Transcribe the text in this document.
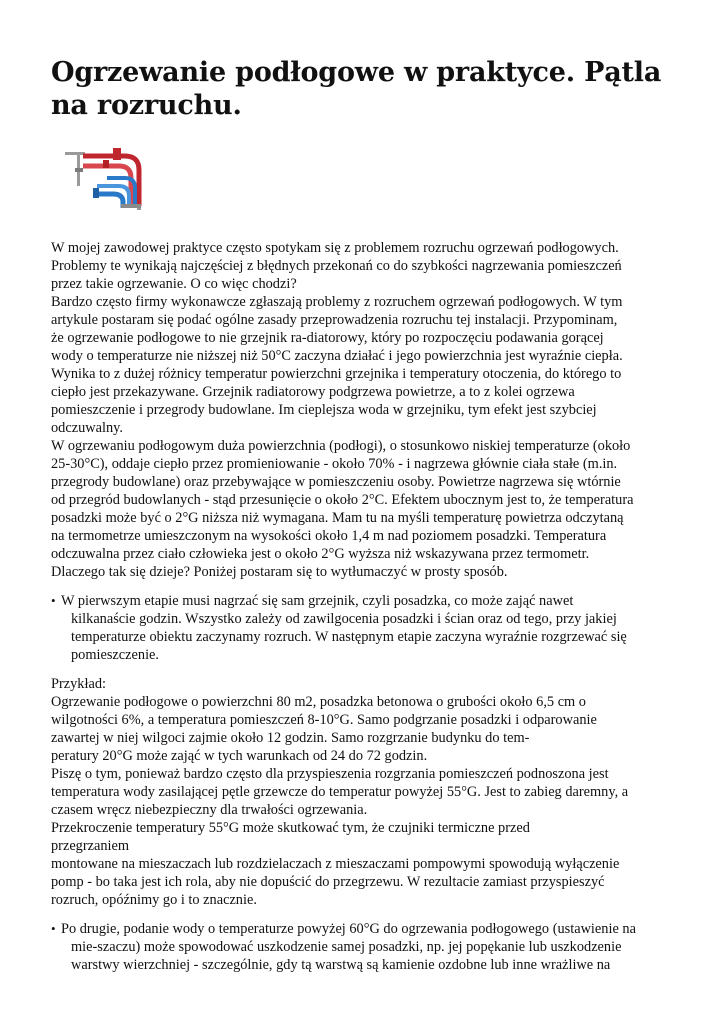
Ogrzewanie podłogowe w praktyce. Pątla na rozruchu.
W mojej zawodowej praktyce często spotykam się z problemem rozruchu ogrzewań podłogowych.
Problemy te wynikają najczęściej z błędnych przekonań co do szybkości nagrzewania pomieszczeń
przez takie ogrzewanie. O co więc chodzi?
Bardzo często firmy wykonawcze zgłaszają problemy z rozruchem ogrzewań podłogowych. W tym
artykule postaram się podać ogólne zasady przeprowadzenia rozruchu tej instalacji. Przypominam,
że ogrzewanie podłogowe to nie grzejnik ra-diatorowy, który po rozpoczęciu podawania gorącej
wody o temperaturze nie niższej niż 50°C zaczyna działać i jego powierzchnia jest wyraźnie ciepła.
Wynika to z dużej różnicy temperatur powierzchni grzejnika i temperatury otoczenia, do którego to
ciepło jest przekazywane. Grzejnik radiatorowy podgrzewa powietrze, a to z kolei ogrzewa
pomieszczenie i przegrody budowlane. Im cieplejsza woda w grzejniku, tym efekt jest szybciej
odczuwalny.
W ogrzewaniu podłogowym duża powierzchnia (podłogi), o stosunkowo niskiej temperaturze (około
25-30°C), oddaje ciepło przez promieniowanie - około 70% - i nagrzewa głównie ciała stałe (m.in.
przegrody budowlane) oraz przebywające w pomieszczeniu osoby. Powietrze nagrzewa się wtórnie
od przegród budowlanych - stąd przesunięcie o około 2°C. Efektem ubocznym jest to, że temperatura
posadzki może być o 2°G niższa niż wymagana. Mam tu na myśli temperaturę powietrza odczytaną
na termometrze umieszczonym na wysokości około 1,4 m nad poziomem posadzki. Temperatura
odczuwalna przez ciało człowieka jest o około 2°G wyższa niż wskazywana przez termometr.
Dlaczego tak się dzieje? Poniżej postaram się to wytłumaczyć w prosty sposób.
• W pierwszym etapie musi nagrzać się sam grzejnik, czyli posadzka, co może zająć nawet
kilkanaście godzin. Wszystko zależy od zawilgocenia posadzki i ścian oraz od tego, przy jakiej
temperaturze obiektu zaczynamy rozruch. W następnym etapie zaczyna wyraźnie rozgrzewać się
pomieszczenie.
Przykład:
Ogrzewanie podłogowe o powierzchni 80 m2, posadzka betonowa o grubości około 6,5 cm o
wilgotności 6%, a temperatura pomieszczeń 8-10°G. Samo podgrzanie posadzki i odparowanie
zawartej w niej wilgoci zajmie około 12 godzin. Samo rozgrzanie budynku do tem-
peratury 20°G może zająć w tych warunkach od 24 do 72 godzin.
Piszę o tym, ponieważ bardzo często dla przyspieszenia rozgrzania pomieszczeń podnoszona jest
temperatura wody zasilającej pętle grzewcze do temperatur powyżej 55°G. Jest to zabieg daremny, a
czasem wręcz niebezpieczny dla trwałości ogrzewania.
Przekroczenie temperatury 55°G może skutkować tym, że czujniki termiczne przed
przegrzaniem
montowane na mieszaczach lub rozdzielaczach z mieszaczami pompowymi spowodują wyłączenie
pomp - bo taka jest ich rola, aby nie dopuścić do przegrzewu. W rezultacie zamiast przyspieszyć
rozruch, opóźnimy go i to znacznie.
• Po drugie, podanie wody o temperaturze powyżej 60°G do ogrzewania podłogowego (ustawienie na
mie-szaczu) może spowodować uszkodzenie samej posadzki, np. jej popękanie lub uszkodzenie
warstwy wierzchniej - szczególnie, gdy tą warstwą są kamienie ozdobne lub inne wrażliwe na
